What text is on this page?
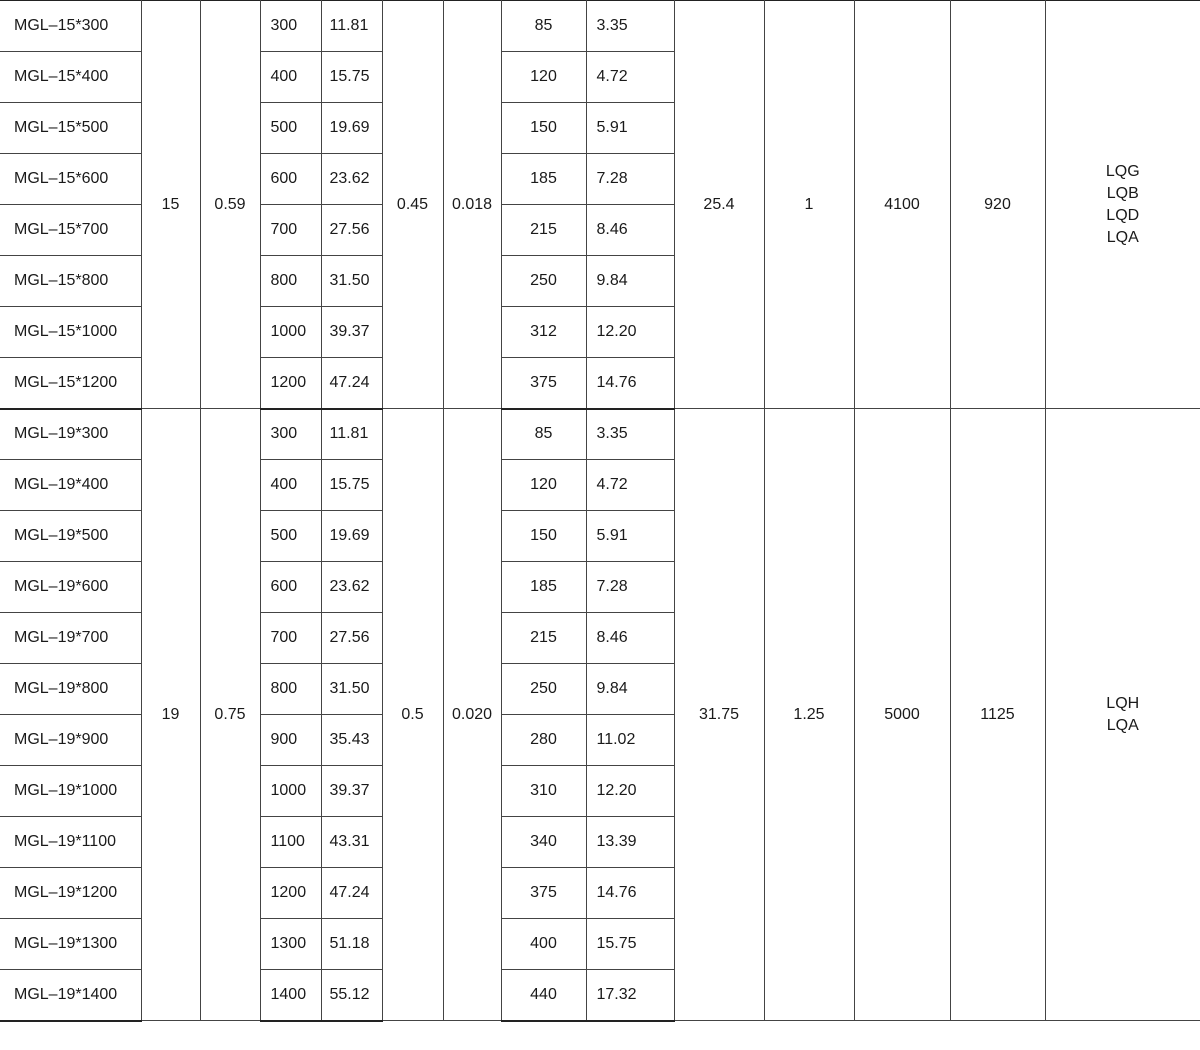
MGL–15*300	15	0.59	300	11.81	0.45	0.018	85	3.35	25.4	1	4100	920	LQG
LQB
LQD
LQA

MGL–15*400			400	15.75			120	4.72					
MGL–15*500			500	19.69			150	5.91					
MGL–15*600			600	23.62			185	7.28					
MGL–15*700			700	27.56			215	8.46					
MGL–15*800			800	31.50			250	9.84					
MGL–15*1000			1000	39.37			312	12.20					
MGL–15*1200			1200	47.24			375	14.76					
MGL–19*300	19	0.75	300	11.81	0.5	0.020	85	3.35	31.75	1.25	5000	1125	LQH
LQA

MGL–19*400			400	15.75			120	4.72					
MGL–19*500			500	19.69			150	5.91					
MGL–19*600			600	23.62			185	7.28					
MGL–19*700			700	27.56			215	8.46					
MGL–19*800			800	31.50			250	9.84					
MGL–19*900			900	35.43			280	11.02					
MGL–19*1000			1000	39.37			310	12.20					
MGL–19*1100			1100	43.31			340	13.39					
MGL–19*1200			1200	47.24			375	14.76					
MGL–19*1300			1300	51.18			400	15.75					
MGL–19*1400			1400	55.12			440	17.32					
